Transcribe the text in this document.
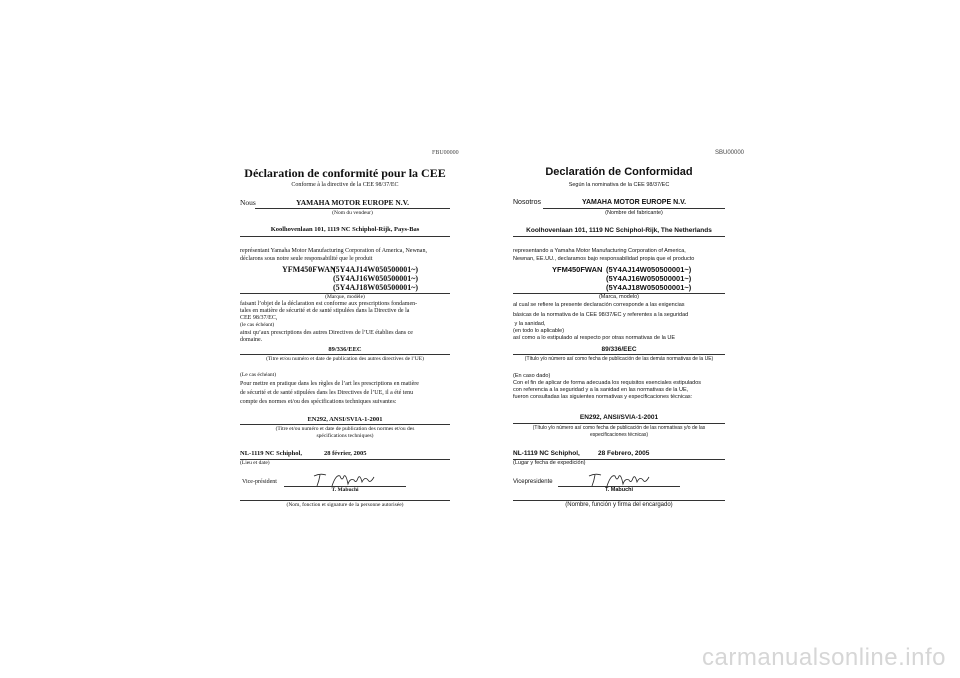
FBU00000
Déclaration de conformité pour la CEE
Conforme à la directive de la CEE 98/37/EC
Nous	YAMAHA MOTOR EUROPE N.V.
(Nom du vendeur)
Koolhovenlaan 101, 1119 NC Schiphol-Rijk, Pays-Bas
représentant Yamaha Motor Manufacturing Corporation of America, Newnan,
déclarons sous notre seule responsabilité que le produit
YFM450FWAN
(5Y4AJ14W050500001~)
(5Y4AJ16W050500001~)
(5Y4AJ18W050500001~)
(Marque, modèle)
faisant l’objet de la déclaration est conforme aux prescriptions fondamen-
tales en matière de sécurité et de santé stipulées dans la Directive de la
CEE 98/37/EC,
(le cas échéant)
ainsi qu’aux prescriptions des autres Directives de l’UE établies dans ce
domaine.
89/336/EEC
(Titre et/ou numéro et date de publication des autres directives de l’UE)
(Le cas échéant)
Pour mettre en pratique dans les règles de l’art les prescriptions en matière
de sécurité et de santé stipulées dans les Directives de l’UE, il a été tenu
compte des normes et/ou des spécifications techniques suivantes:
EN292, ANSI/SVIA-1-2001
(Titre et/ou numéro et date de publication des normes et/ou des
spécifications techniques)
NL-1119 NC Schiphol,	28 février, 2005
(Lieu et date)
Vice-président
T. Mabuchi
(Nom, fonction et signature de la personne autorisée)
SBU00000
Declaratión de Conformidad
Según la nominativa de la CEE 98/37/EC
Nosotros	YAMAHA MOTOR EUROPE N.V.
(Nombre del fabricante)
Koolhovenlaan 101, 1119 NC Schiphol-Rijk, The Netherlands
representando a Yamaha Motor Manufacturing Corporation of America,
Newnan, EE.UU., declaramos bajo responsabilidad propia que el producto
YFM450FWAN (5Y4AJ14W050500001~)
(5Y4AJ16W050500001~)
(5Y4AJ18W050500001~)
(Marca, modelo)
al cual se refiere la presente declaración corresponde a las exigencias
básicas de la normativa de la CEE 98/37/EC y referentes a la seguridad
y la sanidad,
(en todo lo aplicable)
así como a lo estipulado al respecto por otras normativas de la UE
89/336/EEC
(Título y/o número así como fecha de publicación de las demás normativas de la UE)
(En caso dado)
Con el fin de aplicar de forma adecuada los requisitos esenciales estipulados
con referencia a la seguridad y a la sanidad en las normativas de la UE,
fueron consultadas las siguientes normativas y especificaciones técnicas:
EN292, ANSI/SVIA-1-2001
(Título y/o número así como fecha de publicación de las normativas y/o de las
especificaciones técnicas)
NL-1119 NC Schiphol,	28 Febrero, 2005
(Lugar y fecha de expedición)
Vicepresidente
T. Mabuchi
(Nombre, función y firma del encargado)
carmanualsonline.info
